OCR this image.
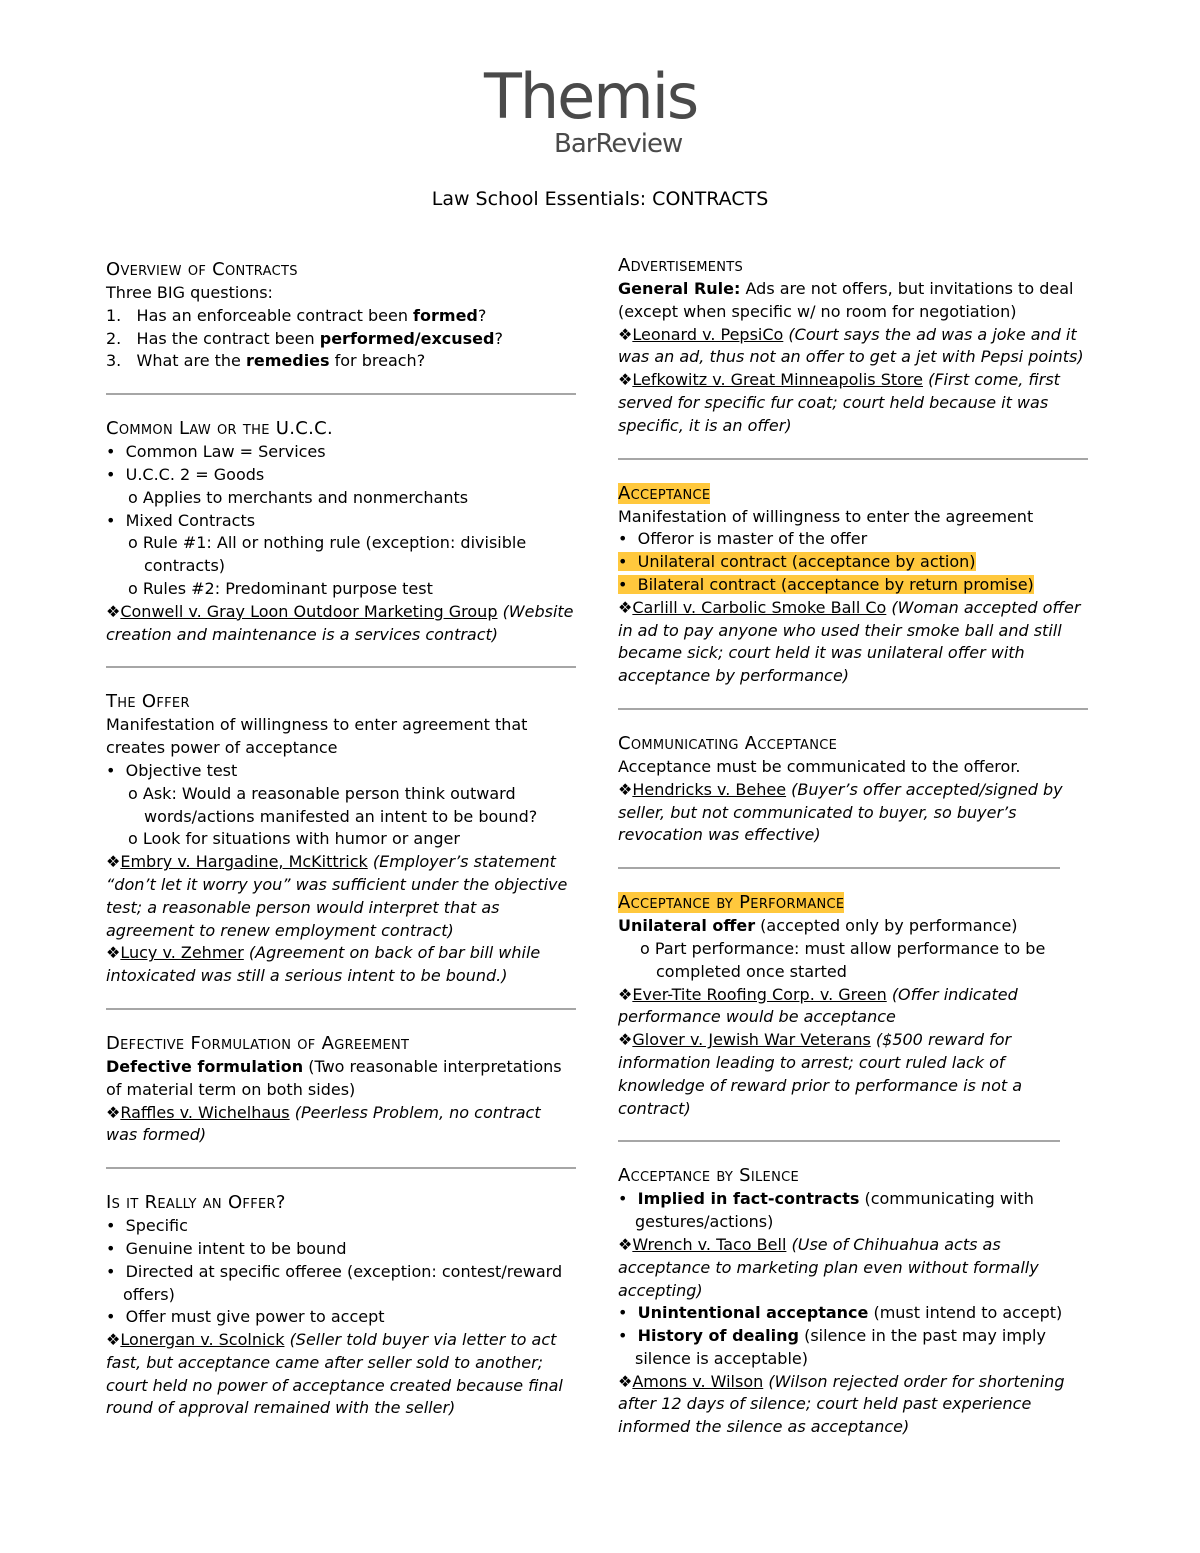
Themis
BarReview
Law School Essentials: CONTRACTS

Overview of Contracts

Three BIG questions:

1.   Has an enforceable contract been formed?

2.   Has the contract been performed/excused?

3.   What are the remedies for breach?

Common Law or the U.C.C.

• Common Law = Services

• U.C.C. 2 = Goods

o Applies to merchants and nonmerchants

• Mixed Contracts

o Rule #1: All or nothing rule (exception: divisible contracts)

o Rules #2: Predominant purpose test

❖Conwell v. Gray Loon Outdoor Marketing Group (Website creation and maintenance is a services contract)

The Offer

Manifestation of willingness to enter agreement that creates power of acceptance

• Objective test

o Ask: Would a reasonable person think outward words/actions manifested an intent to be bound?

o Look for situations with humor or anger

❖Embry v. Hargadine, McKittrick (Employer’s statement “don’t let it worry you” was sufficient under the objective test; a reasonable person would interpret that as agreement to renew employment contract)

❖Lucy v. Zehmer (Agreement on back of bar bill while intoxicated was still a serious intent to be bound.)

Defective Formulation of Agreement

Defective formulation (Two reasonable interpretations of material term on both sides)

❖Raffles v. Wichelhaus (Peerless Problem, no contract was formed)

Is it Really an Offer?

• Specific

• Genuine intent to be bound

• Directed at specific offeree (exception: contest/reward offers)

• Offer must give power to accept

❖Lonergan v. Scolnick (Seller told buyer via letter to act fast, but acceptance came after seller sold to another; court held no power of acceptance created because final round of approval remained with the seller)

Advertisements

General Rule: Ads are not offers, but invitations to deal (except when specific w/ no room for negotiation)

❖Leonard v. PepsiCo (Court says the ad was a joke and it was an ad, thus not an offer to get a jet with Pepsi points)

❖Lefkowitz v. Great Minneapolis Store (First come, first served for specific fur coat; court held because it was specific, it is an offer)

Acceptance

Manifestation of willingness to enter the agreement

• Offeror is master of the offer

• Unilateral contract (acceptance by action)

• Bilateral contract (acceptance by return promise)

❖Carlill v. Carbolic Smoke Ball Co (Woman accepted offer in ad to pay anyone who used their smoke ball and still became sick; court held it was unilateral offer with acceptance by performance)

Communicating Acceptance

Acceptance must be communicated to the offeror.

❖Hendricks v. Behee (Buyer’s offer accepted/signed by seller, but not communicated to buyer, so buyer’s revocation was effective)

Acceptance by Performance

Unilateral offer (accepted only by performance)

o Part performance: must allow performance to be completed once started

❖Ever-Tite Roofing Corp. v. Green (Offer indicated performance would be acceptance

❖Glover v. Jewish War Veterans ($500 reward for information leading to arrest; court ruled lack of knowledge of reward prior to performance is not a contract)

Acceptance by Silence

• Implied in fact-contracts (communicating with gestures/actions)

❖Wrench v. Taco Bell (Use of Chihuahua acts as acceptance to marketing plan even without formally accepting)

• Unintentional acceptance (must intend to accept)

• History of dealing (silence in the past may imply silence is acceptable)

❖Amons v. Wilson (Wilson rejected order for shortening after 12 days of silence; court held past experience informed the silence as acceptance)
